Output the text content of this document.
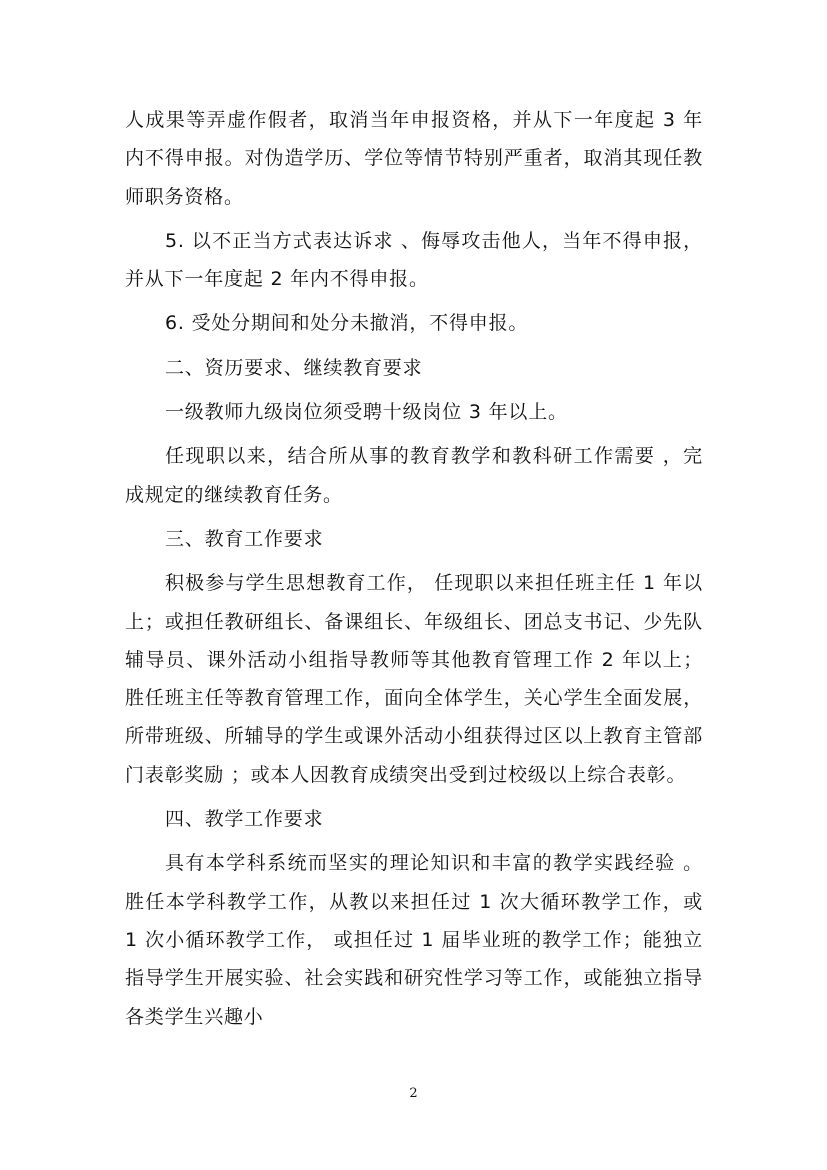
人成果等弄虚作假者，取消当年申报资格，并从下一年度起 3 年内不得申报。对伪造学历、学位等情节特别严重者，取消其现任教师职务资格。

5. 以不正当方式表达诉求 、侮辱攻击他人，当年不得申报，并从下一年度起 2 年内不得申报。

6. 受处分期间和处分未撤消，不得申报。

二、资历要求、继续教育要求

一级教师九级岗位须受聘十级岗位 3 年以上。

任现职以来，结合所从事的教育教学和教科研工作需要 ，完成规定的继续教育任务。

三、教育工作要求

积极参与学生思想教育工作， 任现职以来担任班主任 1 年以上；或担任教研组长、备课组长、年级组长、团总支书记、少先队辅导员、课外活动小组指导教师等其他教育管理工作 2 年以上；胜任班主任等教育管理工作，面向全体学生，关心学生全面发展，所带班级、所辅导的学生或课外活动小组获得过区以上教育主管部门表彰奖励 ；或本人因教育成绩突出受到过校级以上综合表彰。

四、教学工作要求

具有本学科系统而坚实的理论知识和丰富的教学实践经验 。胜任本学科教学工作，从教以来担任过 1 次大循环教学工作，或 1 次小循环教学工作， 或担任过 1 届毕业班的教学工作；能独立指导学生开展实验、社会实践和研究性学习等工作，或能独立指导各类学生兴趣小

2
